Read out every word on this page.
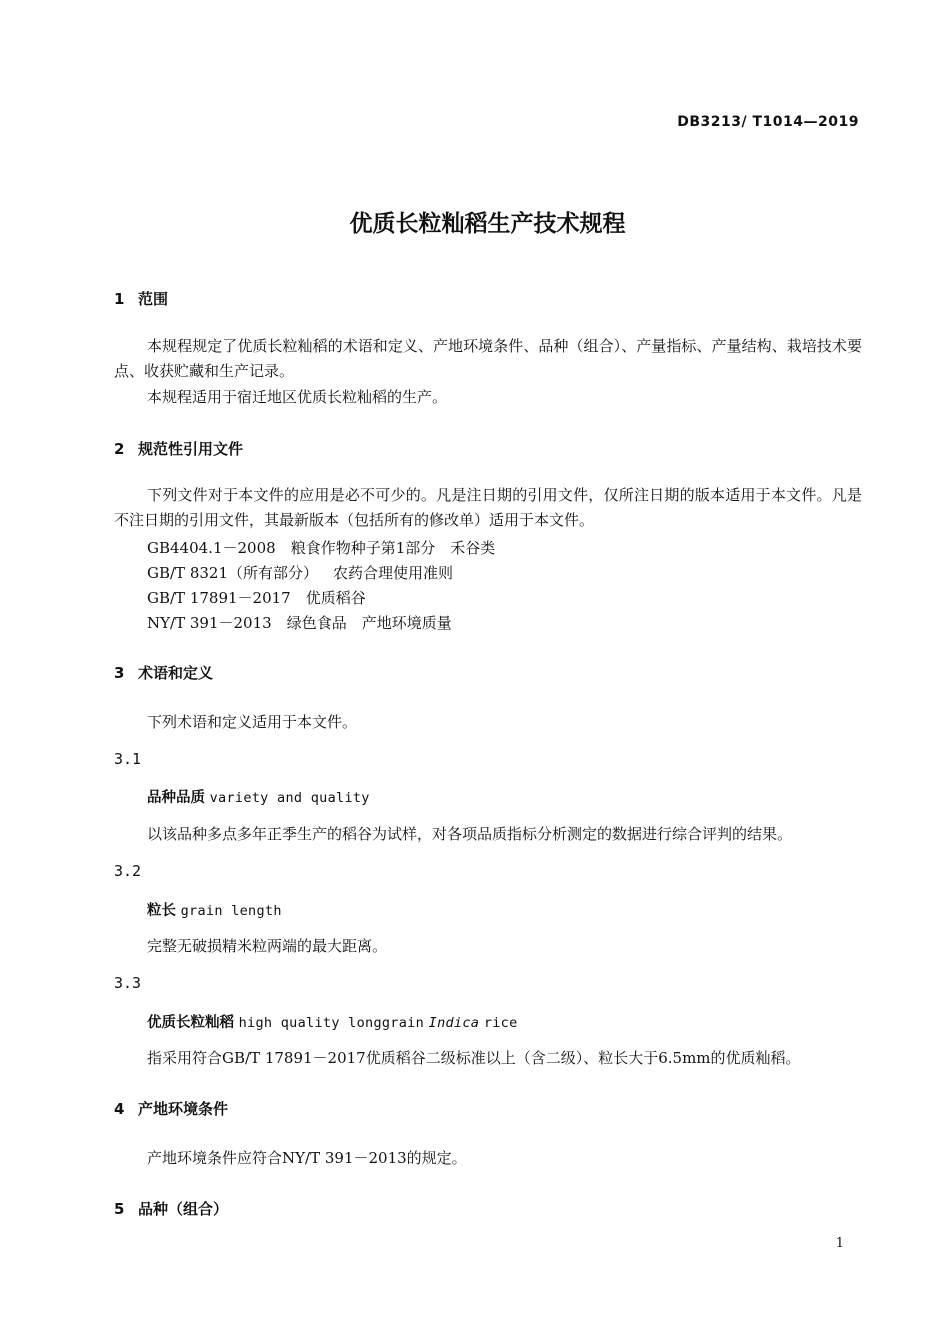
DB3213/ T1014—2019
优质长粒籼稻生产技术规程
1 范围
本规程规定了优质长粒籼稻的术语和定义、产地环境条件、品种（组合）、产量指标、产量结构、栽培技术要点、收获贮藏和生产记录。
本规程适用于宿迁地区优质长粒籼稻的生产。
2 规范性引用文件
下列文件对于本文件的应用是必不可少的。凡是注日期的引用文件，仅所注日期的版本适用于本文件。凡是不注日期的引用文件，其最新版本（包括所有的修改单）适用于本文件。
GB4404.1－2008　 粮食作物种子第1部分　禾谷类
GB/T 8321（所有部分）　 农药合理使用准则
GB/T 17891－2017　 优质稻谷
NY/T 391－2013　 绿色食品　产地环境质量
3 术语和定义
下列术语和定义适用于本文件。
3.1
品种品质 variety and quality
以该品种多点多年正季生产的稻谷为试样，对各项品质指标分析测定的数据进行综合评判的结果。
3.2
粒长 grain length
完整无破损精米粒两端的最大距离。
3.3
优质长粒籼稻 high quality longgrain Indica rice
指采用符合GB/T 17891－2017优质稻谷二级标准以上（含二级）、粒长大于6.5mm的优质籼稻。
4 产地环境条件
产地环境条件应符合NY/T 391－2013的规定。
5 品种（组合）
1
